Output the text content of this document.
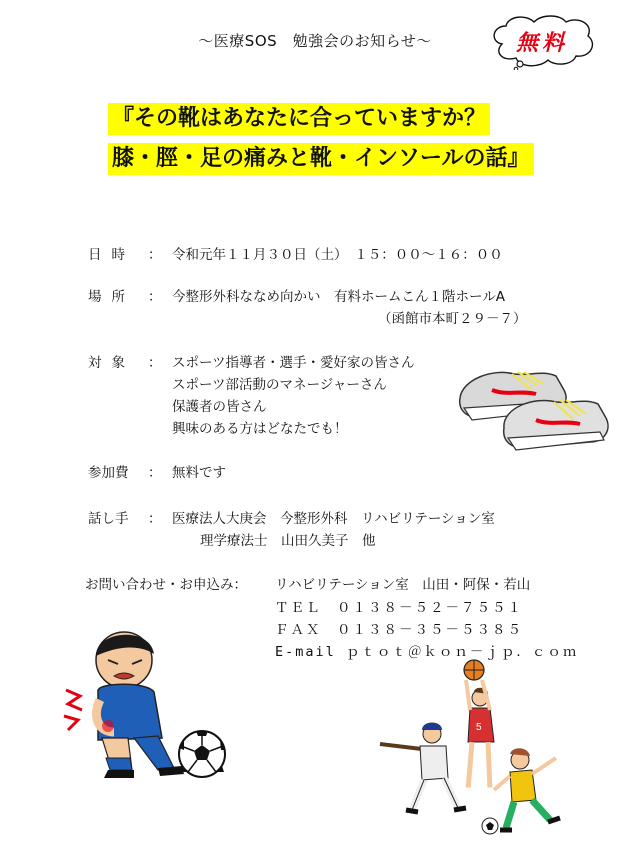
～医療SOS　勉強会のお知らせ～	無料
『その靴はあなたに合っていますか？
膝・脛・足の痛みと靴・インソールの話』
日時 ： 令和元年１１月３０日（土）　１５：００～１６：００
場所 ： 今整形外科ななめ向かい　有料ホームこん１階ホールA
（函館市本町２９－７）
対象 ： スポーツ指導者・選手・愛好家の皆さん
スポーツ部活動のマネージャーさん
保護者の皆さん
興味のある方はどなたでも！
参加費 ： 無料です
話し手 ： 医療法人大庚会　今整形外科　リハビリテーション室
理学療法士　山田久美子　他
お問い合わせ・お申込み： リハビリテーション室　山田・阿保・若山
ＴＥＬ　０１３８－５２－７５５１
ＦＡＸ　０１３８－３５－５３８５
E-mail ｐｔｏｔ＠ｋｏｎ－ｊｐ．ｃｏｍ
5
